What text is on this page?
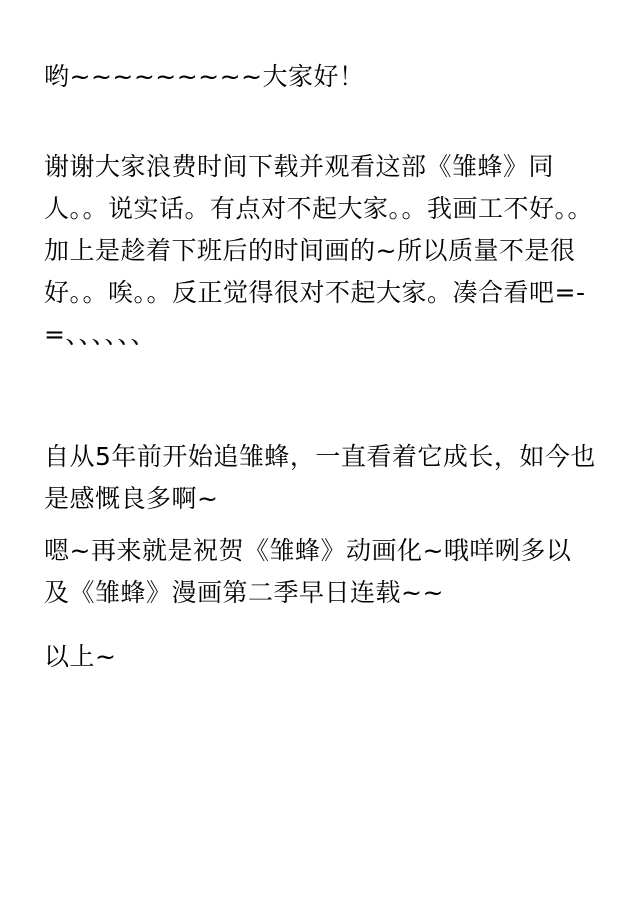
哟~~~~~~~~~大家好！
谢谢大家浪费时间下载并观看这部《雏蜂》同人。。说实话。有点对不起大家。。我画工不好。。加上是趁着下班后的时间画的~所以质量不是很好。。唉。。反正觉得很对不起大家。凑合看吧=-=、、、、、、
自从5年前开始追雏蜂，一直看着它成长，如今也是感慨良多啊~
嗯~再来就是祝贺《雏蜂》动画化~哦咩咧多以及《雏蜂》漫画第二季早日连载~~
以上~
